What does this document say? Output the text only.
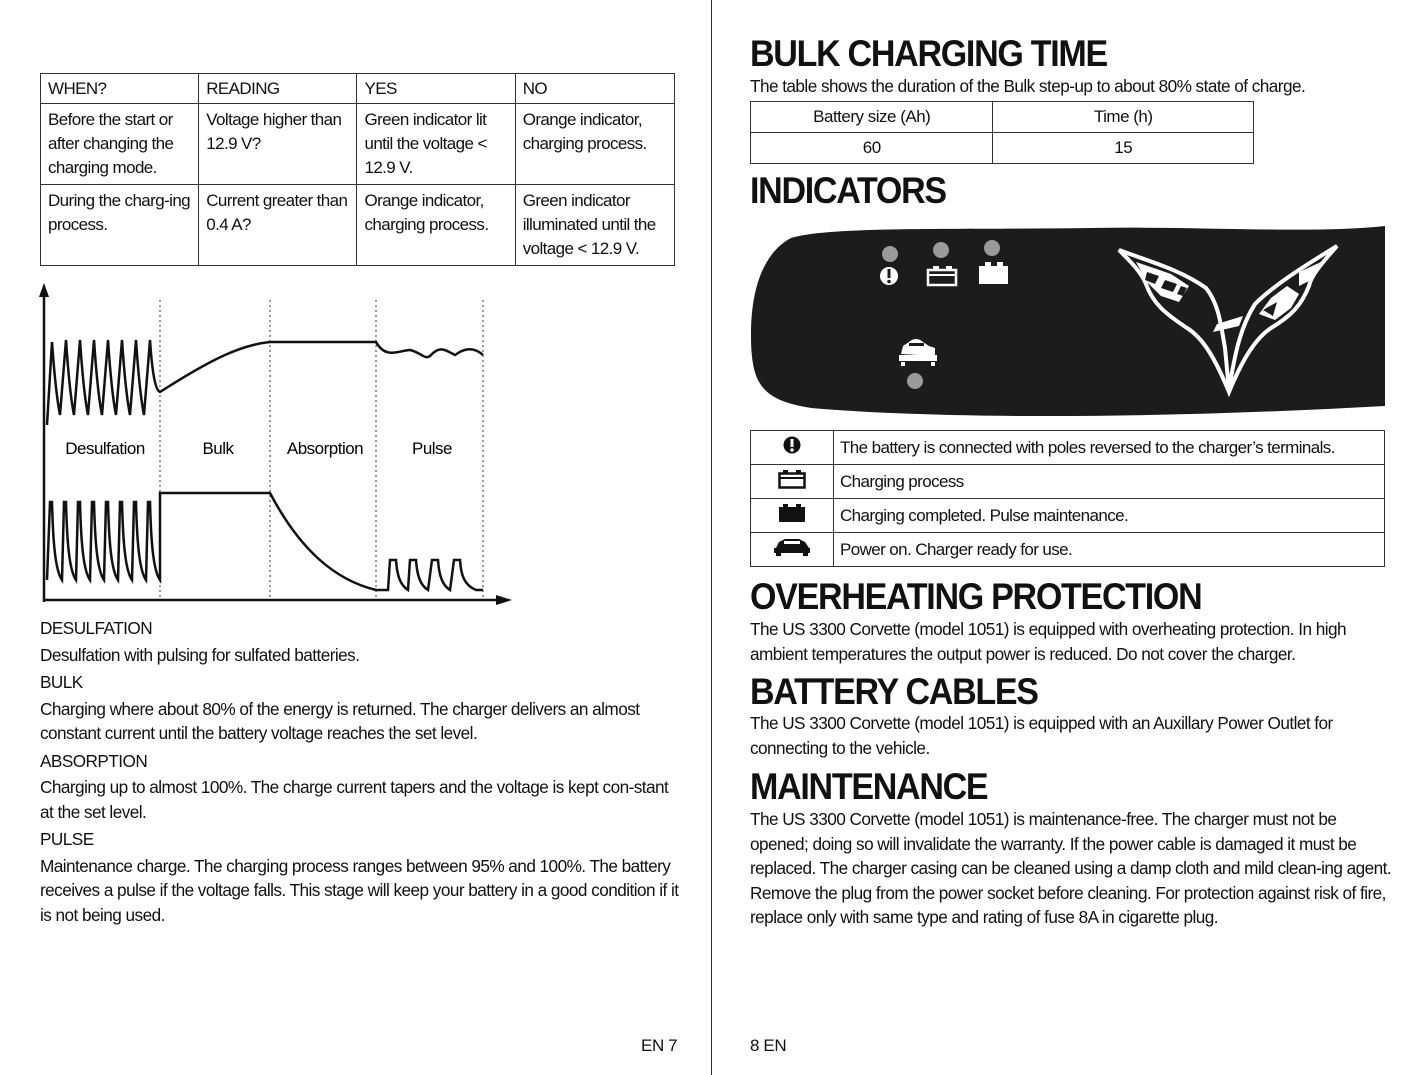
WHEN?	READING	YES	NO
Before the start or after changing the charging mode.	Voltage higher than 12.9 V?	Green indicator lit until the voltage < 12.9 V.	Orange indicator, charging process.
During the charg-ing process.	Current greater than 0.4 A?	Orange indicator, charging process.	Green indicator illuminated until the voltage < 12.9 V.
Desulfation	Bulk	Absorption	Pulse
DESULFATION
Desulfation with pulsing for sulfated batteries.
BULK
Charging where about 80% of the energy is returned. The charger delivers an almost constant current until the battery voltage reaches the set level.
ABSORPTION
Charging up to almost 100%. The charge current tapers and the voltage is kept con-stant at the set level.
PULSE
Maintenance charge. The charging process ranges between 95% and 100%. The battery receives a pulse if the voltage falls. This stage will keep your battery in a good condition if it is not being used.
EN 7
BULK CHARGING TIME

The table shows the duration of the Bulk step-up to about 80% state of charge.

Battery size (Ah)	Time (h)
60	15
INDICATORS
	The battery is connected with poles reversed to the charger’s terminals.
	Charging process
	Charging completed. Pulse maintenance.
	Power on. Charger ready for use.
OVERHEATING PROTECTION

The US 3300 Corvette (model 1051) is equipped with overheating protection. In high ambient temperatures the output power is reduced. Do not cover the charger.

BATTERY CABLES

The US 3300 Corvette (model 1051) is equipped with an Auxillary Power Outlet for connecting to the vehicle.

MAINTENANCE

The US 3300 Corvette (model 1051) is maintenance-free. The charger must not be opened; doing so will invalidate the warranty. If the power cable is damaged it must be replaced. The charger casing can be cleaned using a damp cloth and mild clean-ing agent. Remove the plug from the power socket before cleaning. For protection against risk of fire, replace only with same type and rating of fuse 8A in cigarette plug.

8 EN
